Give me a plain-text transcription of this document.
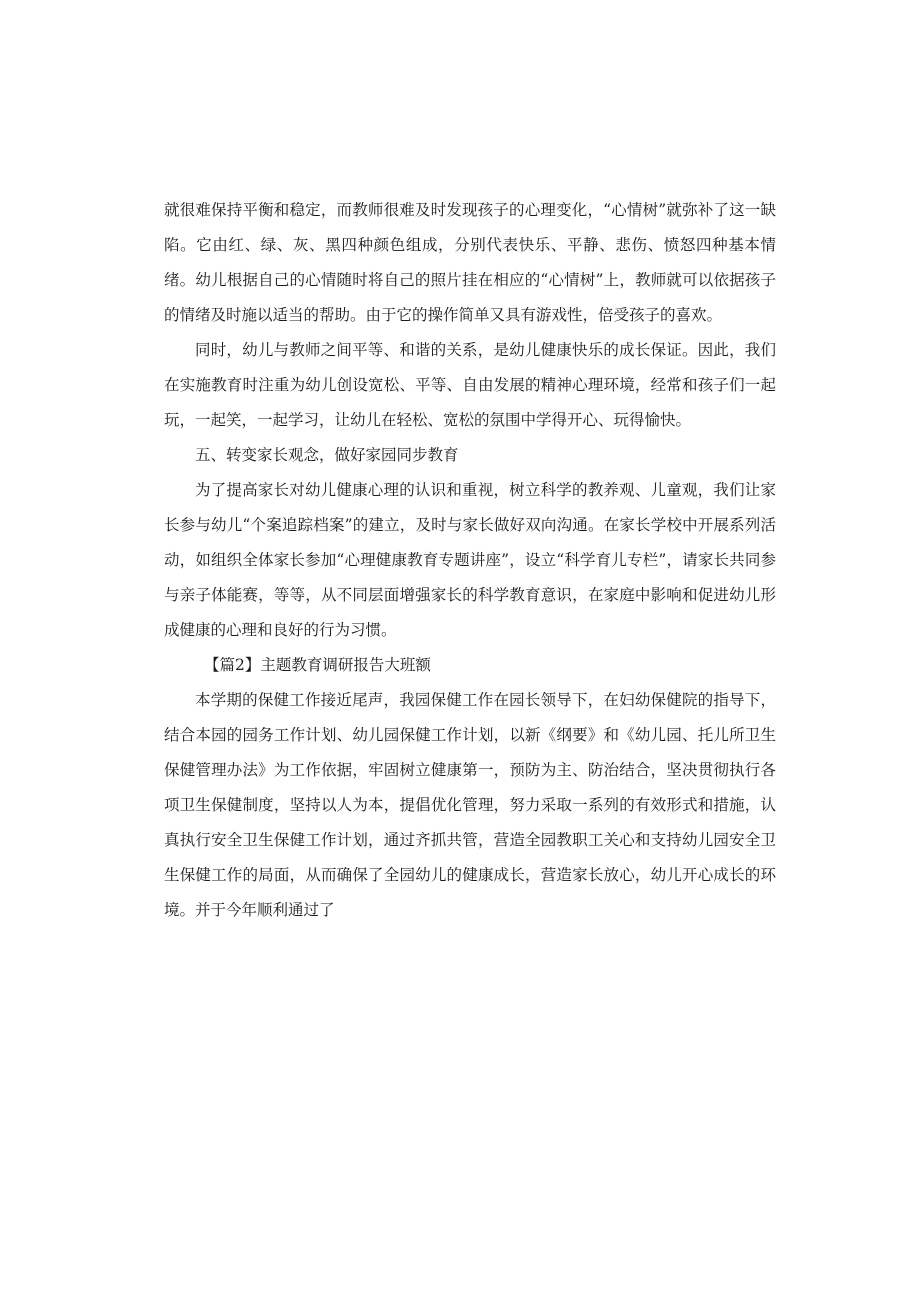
就很难保持平衡和稳定，而教师很难及时发现孩子的心理变化，“心情树”就弥补了这一缺陷。它由红、绿、灰、黑四种颜色组成，分别代表快乐、平静、悲伤、愤怒四种基本情绪。幼儿根据自己的心情随时将自己的照片挂在相应的“心情树”上，教师就可以依据孩子的情绪及时施以适当的帮助。由于它的操作简单又具有游戏性，倍受孩子的喜欢。

同时，幼儿与教师之间平等、和谐的关系，是幼儿健康快乐的成长保证。因此，我们在实施教育时注重为幼儿创设宽松、平等、自由发展的精神心理环境，经常和孩子们一起玩，一起笑，一起学习，让幼儿在轻松、宽松的氛围中学得开心、玩得愉快。

五、转变家长观念，做好家园同步教育

为了提高家长对幼儿健康心理的认识和重视，树立科学的教养观、儿童观，我们让家长参与幼儿“个案追踪档案”的建立，及时与家长做好双向沟通。在家长学校中开展系列活动，如组织全体家长参加“心理健康教育专题讲座”，设立“科学育儿专栏”，请家长共同参与亲子体能赛，等等，从不同层面增强家长的科学教育意识，在家庭中影响和促进幼儿形成健康的心理和良好的行为习惯。

【篇2】主题教育调研报告大班额

本学期的保健工作接近尾声，我园保健工作在园长领导下，在妇幼保健院的指导下，结合本园的园务工作计划、幼儿园保健工作计划，以新《纲要》和《幼儿园、托儿所卫生保健管理办法》为工作依据，牢固树立健康第一，预防为主、防治结合，坚决贯彻执行各项卫生保健制度，坚持以人为本，提倡优化管理，努力采取一系列的有效形式和措施，认真执行安全卫生保健工作计划，通过齐抓共管，营造全园教职工关心和支持幼儿园安全卫生保健工作的局面，从而确保了全园幼儿的健康成长，营造家长放心，幼儿开心成长的环境。并于今年顺利通过了
